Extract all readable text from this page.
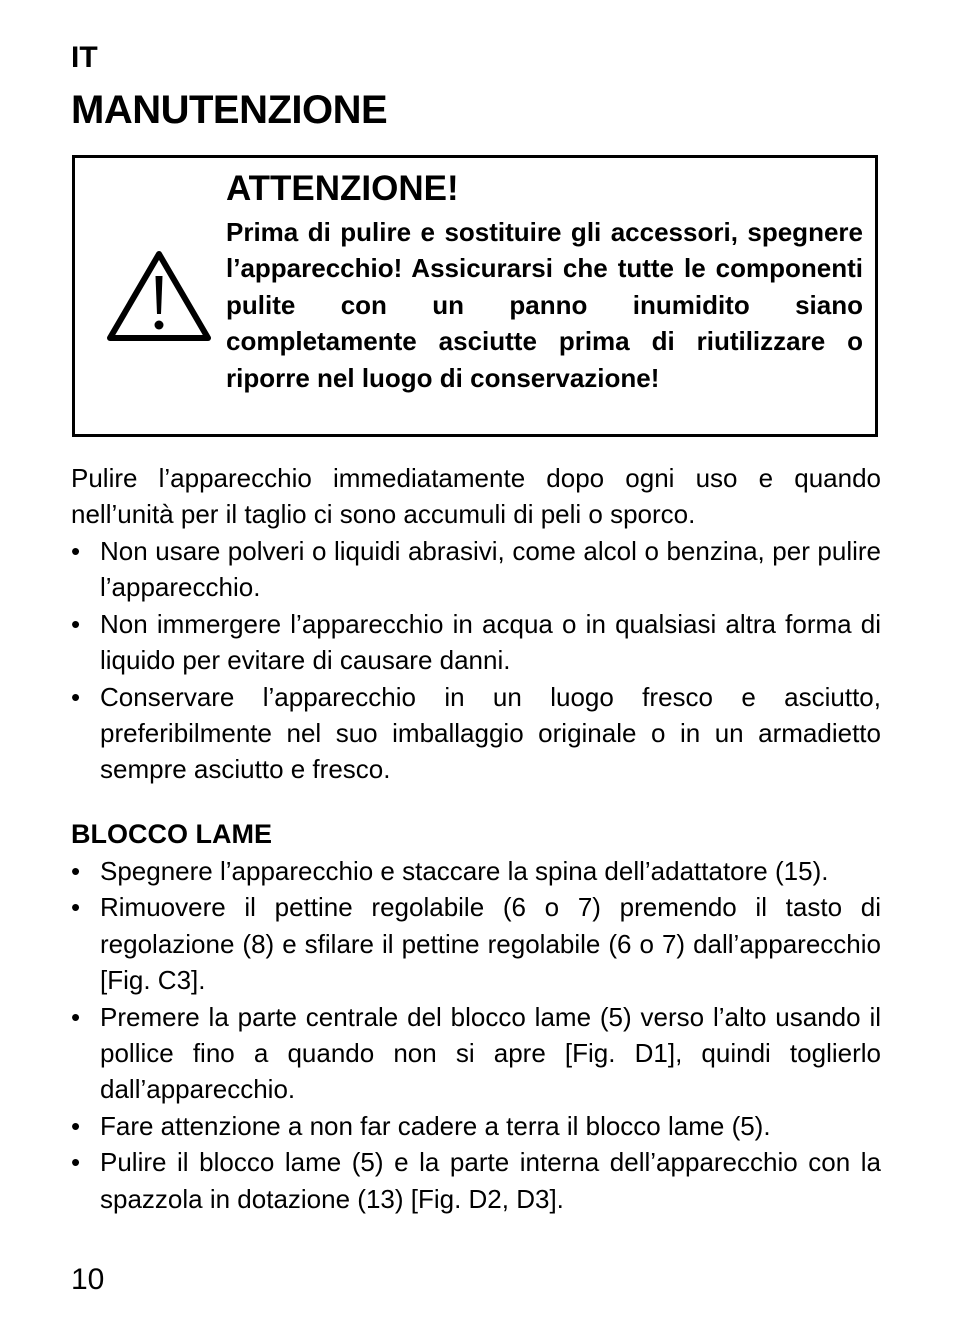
IT
MANUTENZIONE
ATTENZIONE!

Prima di pulire e sostituire gli accessori, spegnere l’apparecchio! Assicurarsi che tutte le componenti pulite con un panno inumidito siano completamente asciutte prima di riutilizzare o riporre nel luogo di conservazione!

Pulire l’apparecchio immediatamente dopo ogni uso e quando nell’unità per il taglio ci sono accumuli di peli o sporco.

• Non usare polveri o liquidi abrasivi, come alcol o benzina, per pulire l’apparecchio.
• Non immergere l’apparecchio in acqua o in qualsiasi altra forma di liquido per evitare di causare danni.
• Conservare l’apparecchio in un luogo fresco e asciutto, preferibilmente nel suo imballaggio originale o in un armadietto sempre asciutto e fresco.
BLOCCO LAME
• Spegnere l’apparecchio e staccare la spina dell’adattatore (15).
• Rimuovere il pettine regolabile (6 o 7) premendo il tasto di regolazione (8) e sfilare il pettine regolabile (6 o 7) dall’apparecchio [Fig. C3].
• Premere la parte centrale del blocco lame (5) verso l’alto usando il pollice fino a quando non si apre [Fig. D1], quindi toglierlo dall’apparecchio.
• Fare attenzione a non far cadere a terra il blocco lame (5).
• Pulire il blocco lame (5) e la parte interna dell’apparecchio con la spazzola in dotazione (13) [Fig. D2, D3].
10
